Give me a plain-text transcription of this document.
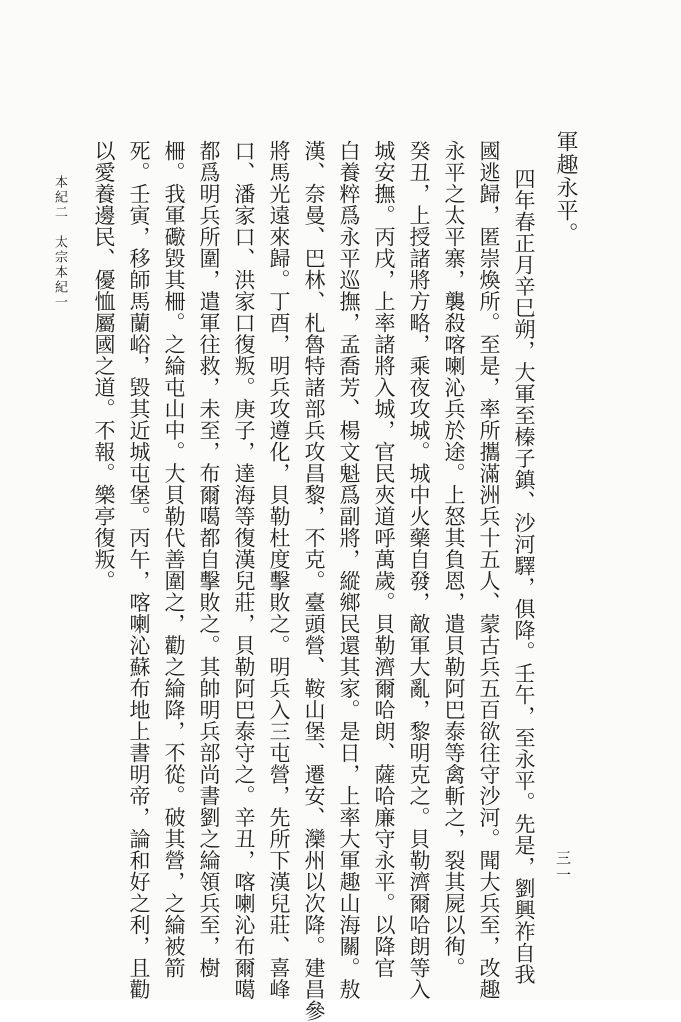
軍趣永平。
四年春正月辛巳朔，大軍至榛子鎮、沙河驛，俱降。壬午，至永平。先是，劉興祚自我
國逃歸，匿崇煥所。至是，率所攜滿洲兵十五人、蒙古兵五百欲往守沙河。聞大兵至，改趣
永平之太平寨，襲殺喀喇沁兵於途。上怒其負恩，遣貝勒阿巴泰等禽斬之，裂其屍以徇。
癸丑，上授諸將方略，乘夜攻城。城中火藥自發，敵軍大亂，黎明克之。貝勒濟爾哈朗等入
城安撫。丙戌，上率諸將入城，官民夾道呼萬歲。貝勒濟爾哈朗、薩哈廉守永平。以降官
白養粹爲永平巡撫，孟喬芳、楊文魁爲副將，縱鄉民還其家。是日，上率大軍趣山海關。敖
漢、奈曼、巴林、札魯特諸部兵攻昌黎，不克。臺頭營、鞍山堡、遷安、灤州以次降。建昌參
將馬光遠來歸。丁酉，明兵攻遵化，貝勒杜度擊敗之。明兵入三屯營，先所下漢兒莊、喜峰
口、潘家口、洪家口復叛。庚子，達海等復漢兒莊，貝勒阿巴泰守之。辛丑，喀喇沁布爾噶
都爲明兵所圍，遣軍往救，未至，布爾噶都自擊敗之。其帥明兵部尚書劉之綸領兵至，樹
柵。我軍礮毀其柵。之綸屯山中。大貝勒代善圍之，勸之綸降，不從。破其營，之綸被箭
死。壬寅，移師馬蘭峪，毀其近城屯堡。丙午，喀喇沁蘇布地上書明帝，論和好之利，且勸
以愛養邊民、優恤屬國之道。不報。樂亭復叛。
本紀二　太宗本紀一
三一
